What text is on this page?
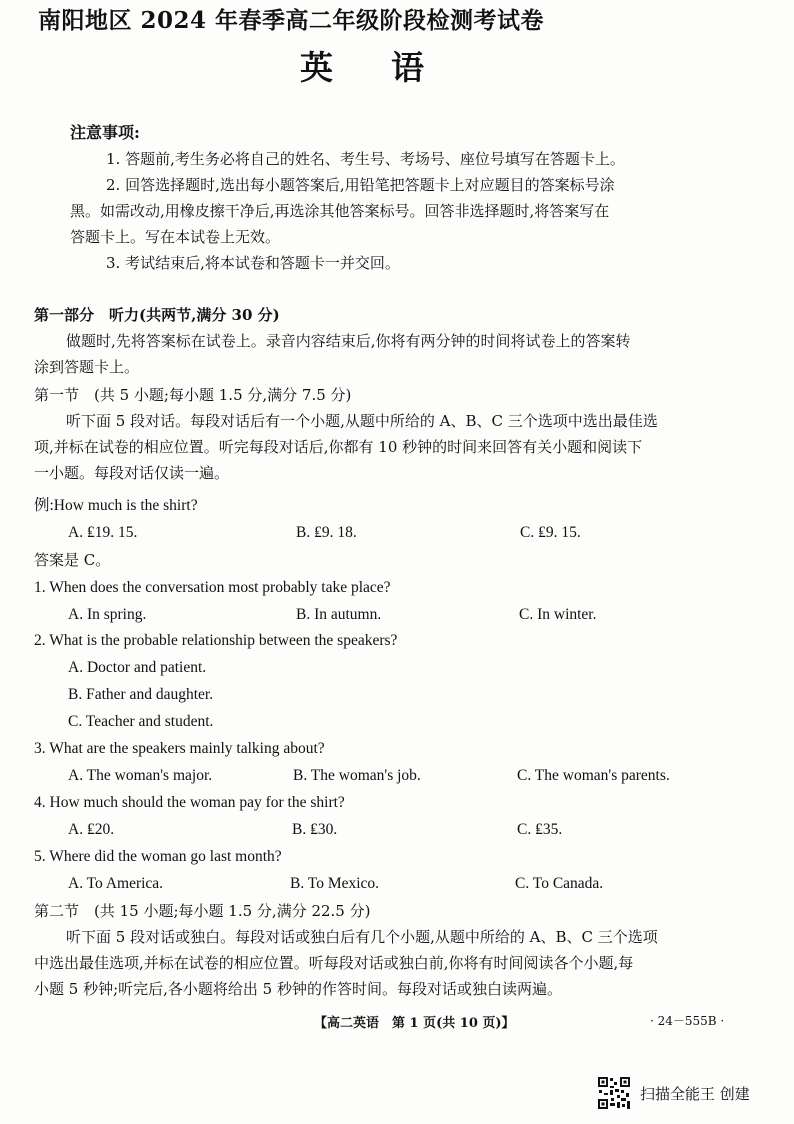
南阳地区 2024 年春季高二年级阶段检测考试卷
英语
注意事项:
1. 答题前,考生务必将自己的姓名、考生号、考场号、座位号填写在答题卡上。
2. 回答选择题时,选出每小题答案后,用铅笔把答题卡上对应题目的答案标号涂
黑。如需改动,用橡皮擦干净后,再选涂其他答案标号。回答非选择题时,将答案写在
答题卡上。写在本试卷上无效。
3. 考试结束后,将本试卷和答题卡一并交回。
第一部分　听力(共两节,满分 30 分)
做题时,先将答案标在试卷上。录音内容结束后,你将有两分钟的时间将试卷上的答案转
涂到答题卡上。
第一节　(共 5 小题;每小题 1.5 分,满分 7.5 分)
听下面 5 段对话。每段对话后有一个小题,从题中所给的 A、B、C 三个选项中选出最佳选
项,并标在试卷的相应位置。听完每段对话后,你都有 10 秒钟的时间来回答有关小题和阅读下
一小题。每段对话仅读一遍。
例:How much is the shirt?
A. ₤19. 15.	B. ₤9. 18.	C. ₤9. 15.
答案是 C。
1. When does the conversation most probably take place?
A. In spring.	B. In autumn.	C. In winter.
2. What is the probable relationship between the speakers?
A. Doctor and patient.
B. Father and daughter.
C. Teacher and student.
3. What are the speakers mainly talking about?
A. The woman's major.	B. The woman's job.	C. The woman's parents.
4. How much should the woman pay for the shirt?
A. ₤20.	B. ₤30.	C. ₤35.
5. Where did the woman go last month?
A. To America.	B. To Mexico.	C. To Canada.
第二节　(共 15 小题;每小题 1.5 分,满分 22.5 分)
听下面 5 段对话或独白。每段对话或独白后有几个小题,从题中所给的 A、B、C 三个选项
中选出最佳选项,并标在试卷的相应位置。听每段对话或独白前,你将有时间阅读各个小题,每
小题 5 秒钟;听完后,各小题将给出 5 秒钟的作答时间。每段对话或独白读两遍。
【高二英语　第 1 页(共 10 页)】	· 24－555B ·
扫描全能王 创建
